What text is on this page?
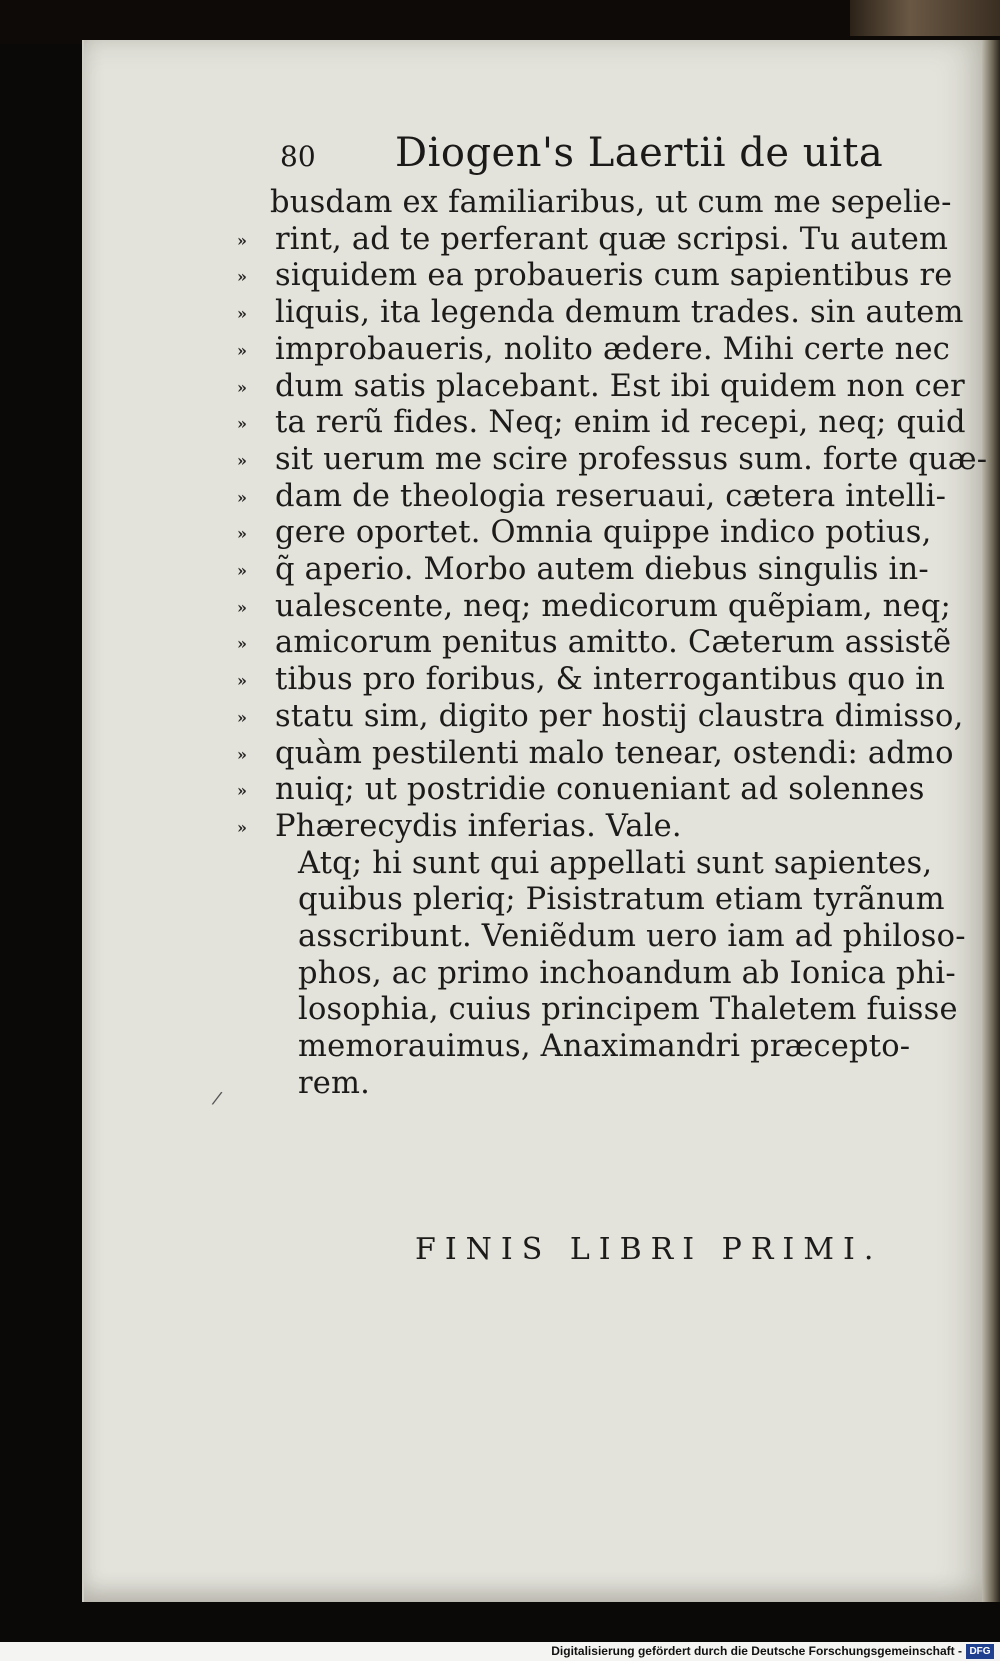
80 Diogen's Laertii de uita
busdam ex familiaribus, ut cum me sepelie-
» rint, ad te perferant quæ scripsi. Tu autem
» siquidem ea probaueris cum sapientibus re
» liquis, ita legenda demum trades. sin autem
» improbaueris, nolito ædere. Mihi certe nec
» dum satis placebant. Est ibi quidem non cer
» ta rerũ fides. Neq; enim id recepi, neq; quid
» sit uerum me scire professus sum. forte quæ-
» dam de theologia reseruaui, cætera intelli-
» gere oportet. Omnia quippe indico potius,
» q̃ aperio. Morbo autem diebus singulis in-
» ualescente, neq; medicorum quẽpiam, neq;
» amicorum penitus amitto. Cæterum assistẽ
» tibus pro foribus, & interrogantibus quo in
» statu sim, digito per hostij claustra dimisso,
» quàm pestilenti malo tenear, ostendi: admo
» nuiq; ut postridie conueniant ad solennes
» Phærecydis inferias. Vale.
Atq; hi sunt qui appellati sunt sapientes,
quibus pleriq; Pisistratum etiam tyrãnum
asscribunt. Veniẽdum uero iam ad philoso-
phos, ac primo inchoandum ab Ionica phi-
losophia, cuius principem Thaletem fuisse
memorauimus, Anaximandri præcepto-
rem.
/
FINIS LIBRI PRIMI.
Digitalisierung gefördert durch die Deutsche Forschungsgemeinschaft - DFG
